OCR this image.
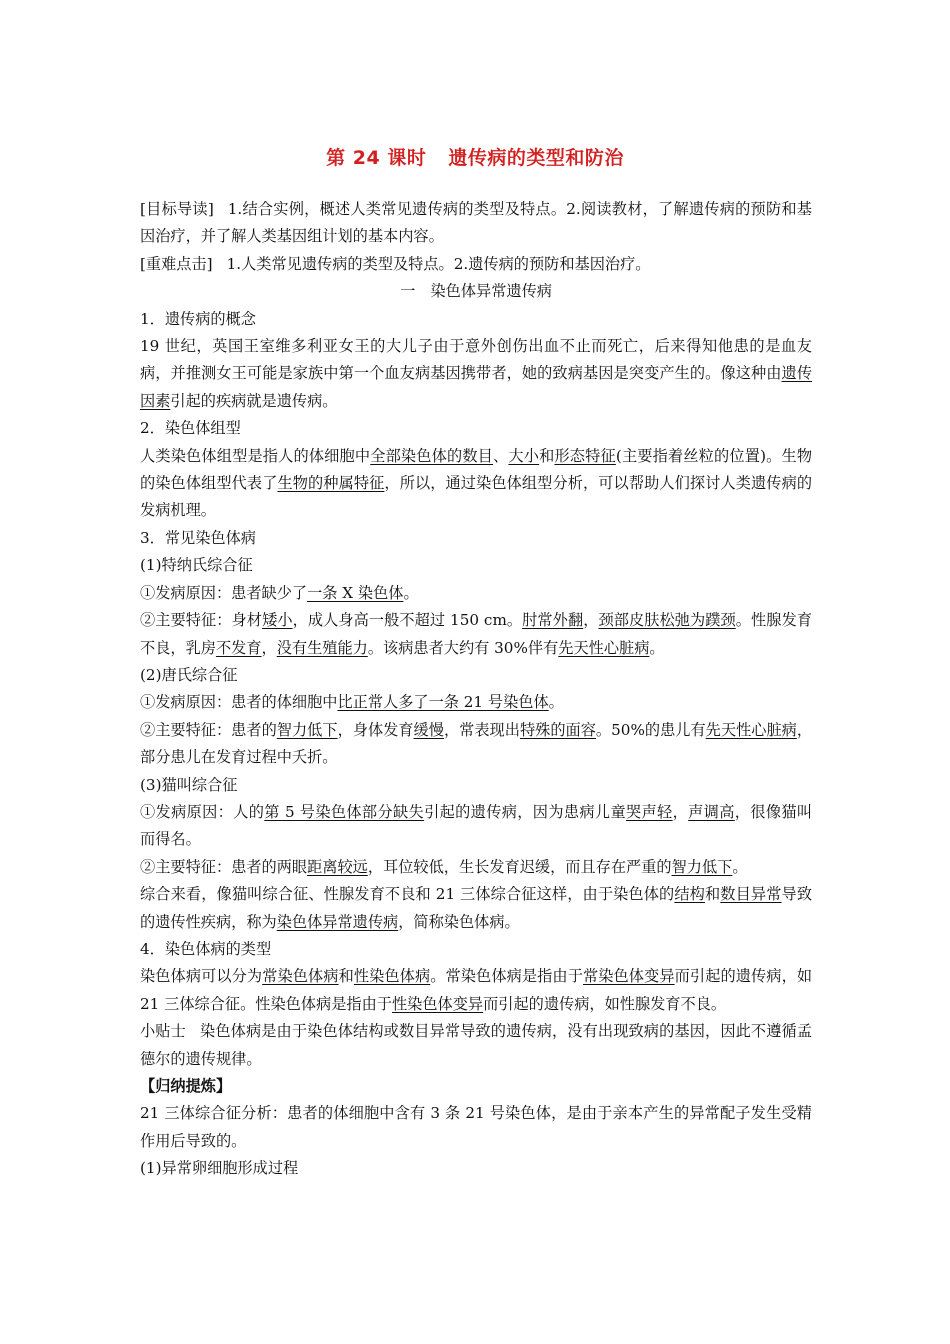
第 24 课时 遗传病的类型和防治

[目标导读] 1.结合实例，概述人类常见遗传病的类型及特点。2.阅读教材，了解遗传病的预防和基因治疗，并了解人类基因组计划的基本内容。

[重难点击] 1.人类常见遗传病的类型及特点。2.遗传病的预防和基因治疗。

一　染色体异常遗传病

1．遗传病的概念

19 世纪，英国王室维多利亚女王的大儿子由于意外创伤出血不止而死亡，后来得知他患的是血友病，并推测女王可能是家族中第一个血友病基因携带者，她的致病基因是突变产生的。像这种由遗传因素引起的疾病就是遗传病。

2．染色体组型

人类染色体组型是指人的体细胞中全部染色体的数目、大小和形态特征(主要指着丝粒的位置)。生物的染色体组型代表了生物的种属特征，所以，通过染色体组型分析，可以帮助人们探讨人类遗传病的发病机理。

3．常见染色体病

(1)特纳氏综合征

①发病原因：患者缺少了一条 X 染色体。

②主要特征：身材矮小，成人身高一般不超过 150 cm。肘常外翻，颈部皮肤松弛为蹼颈。性腺发育不良，乳房不发育，没有生殖能力。该病患者大约有 30%伴有先天性心脏病。

(2)唐氏综合征

①发病原因：患者的体细胞中比正常人多了一条 21 号染色体。

②主要特征：患者的智力低下，身体发育缓慢，常表现出特殊的面容。50%的患儿有先天性心脏病，部分患儿在发育过程中夭折。

(3)猫叫综合征

①发病原因：人的第 5 号染色体部分缺失引起的遗传病，因为患病儿童哭声轻，声调高，很像猫叫而得名。

②主要特征：患者的两眼距离较远，耳位较低，生长发育迟缓，而且存在严重的智力低下。

综合来看，像猫叫综合征、性腺发育不良和 21 三体综合征这样，由于染色体的结构和数目异常导致的遗传性疾病，称为染色体异常遗传病，简称染色体病。

4．染色体病的类型

染色体病可以分为常染色体病和性染色体病。常染色体病是指由于常染色体变异而引起的遗传病，如 21 三体综合征。性染色体病是指由于性染色体变异而引起的遗传病，如性腺发育不良。

小贴士 染色体病是由于染色体结构或数目异常导致的遗传病，没有出现致病的基因，因此不遵循孟德尔的遗传规律。

【归纳提炼】

21 三体综合征分析：患者的体细胞中含有 3 条 21 号染色体，是由于亲本产生的异常配子发生受精作用后导致的。

(1)异常卵细胞形成过程
